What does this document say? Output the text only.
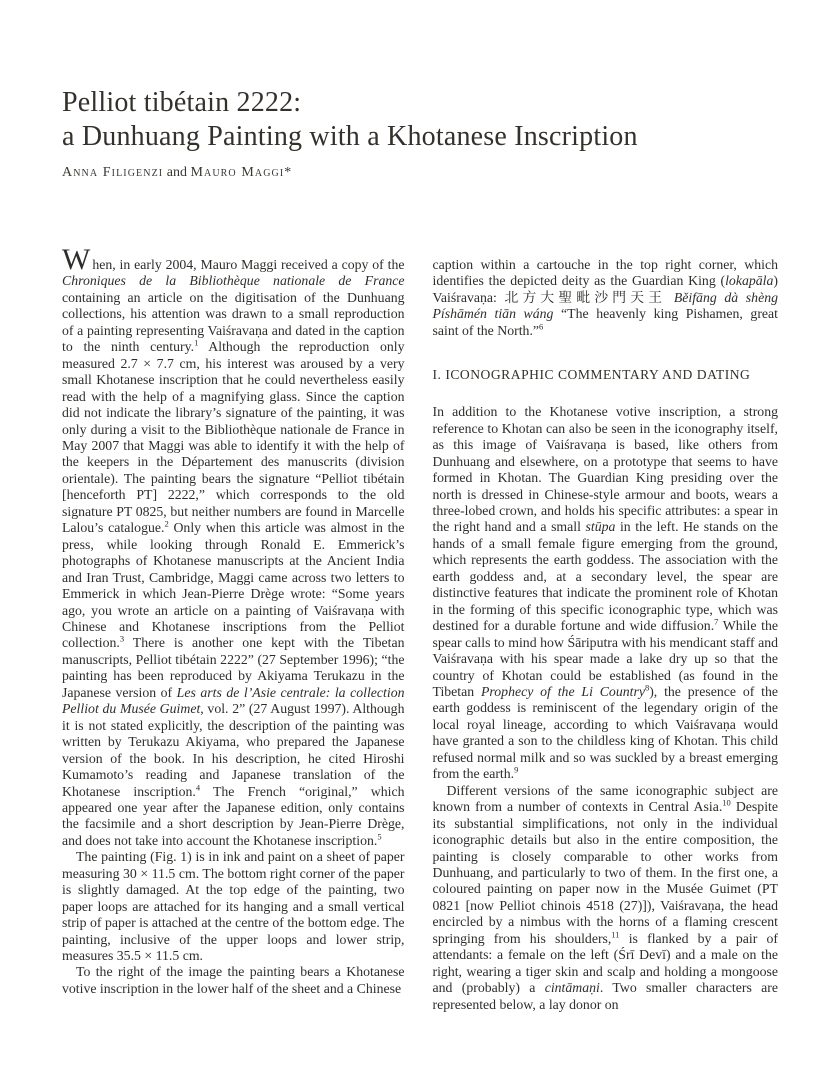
Pelliot tibétain 2222:
a Dunhuang Painting with a Khotanese Inscription
Anna Filigenzi and Mauro Maggi*

When, in early 2004, Mauro Maggi received a copy of the Chroniques de la Bibliothèque nationale de France containing an article on the digitisation of the Dunhuang collections, his attention was drawn to a small reproduction of a painting representing Vaiśravaṇa and dated in the caption to the ninth century.$^1$ Although the reproduction only measured 2.7 × 7.7 cm, his interest was aroused by a very small Khotanese inscription that he could nevertheless easily read with the help of a magnifying glass. Since the caption did not indicate the library’s signature of the painting, it was only during a visit to the Bibliothèque nationale de France in May 2007 that Maggi was able to identify it with the help of the keepers in the Département des manuscrits (division orientale). The painting bears the signature “Pelliot tibétain [henceforth PT] 2222,” which corresponds to the old signature PT 0825, but neither numbers are found in Marcelle Lalou’s catalogue.$^2$ Only when this article was almost in the press, while looking through Ronald E. Emmerick’s photographs of Khotanese manuscripts at the Ancient India and Iran Trust, Cambridge, Maggi came across two letters to Emmerick in which Jean-Pierre Drège wrote: “Some years ago, you wrote an article on a painting of Vaiśravaṇa with Chinese and Khotanese inscriptions from the Pelliot collection.$^3$ There is another one kept with the Tibetan manuscripts, Pelliot tibétain 2222” (27 September 1996); “the painting has been reproduced by Akiyama Terukazu in the Japanese version of Les arts de l’Asie centrale: la collection Pelliot du Musée Guimet, vol. 2” (27 August 1997). Although it is not stated explicitly, the description of the painting was written by Terukazu Akiyama, who prepared the Japanese version of the book. In his description, he cited Hiroshi Kumamoto’s reading and Japanese translation of the Khotanese inscription.$^4$ The French “original,” which appeared one year after the Japanese edition, only contains the facsimile and a short description by Jean-Pierre Drège, and does not take into account the Khotanese inscription.$^5$

The painting (Fig. 1) is in ink and paint on a sheet of paper measuring 30 × 11.5 cm. The bottom right corner of the paper is slightly damaged. At the top edge of the painting, two paper loops are attached for its hanging and a small vertical strip of paper is attached at the centre of the bottom edge. The painting, inclusive of the upper loops and lower strip, measures 35.5 × 11.5 cm.

To the right of the image the painting bears a Khotanese votive inscription in the lower half of the sheet and a Chinese

caption within a cartouche in the top right corner, which identifies the depicted deity as the Guardian King (lokapāla) Vaiśravaṇa: 北方大聖毗沙門天王 Běifāng dà shèng Píshāmén tiān wáng “The heavenly king Pishamen, great saint of the North.”$^6$

I. ICONOGRAPHIC COMMENTARY AND DATING

In addition to the Khotanese votive inscription, a strong reference to Khotan can also be seen in the iconography itself, as this image of Vaiśravaṇa is based, like others from Dunhuang and elsewhere, on a prototype that seems to have formed in Khotan. The Guardian King presiding over the north is dressed in Chinese-style armour and boots, wears a three-lobed crown, and holds his specific attributes: a spear in the right hand and a small stūpa in the left. He stands on the hands of a small female figure emerging from the ground, which represents the earth goddess. The association with the earth goddess and, at a secondary level, the spear are distinctive features that indicate the prominent role of Khotan in the forming of this specific iconographic type, which was destined for a durable fortune and wide diffusion.$^7$ While the spear calls to mind how Śāriputra with his mendicant staff and Vaiśravaṇa with his spear made a lake dry up so that the country of Khotan could be established (as found in the Tibetan Prophecy of the Li Country$^8$), the presence of the earth goddess is reminiscent of the legendary origin of the local royal lineage, according to which Vaiśravaṇa would have granted a son to the childless king of Khotan. This child refused normal milk and so was suckled by a breast emerging from the earth.$^9$

Different versions of the same iconographic subject are known from a number of contexts in Central Asia.$^{10}$ Despite its substantial simplifications, not only in the individual iconographic details but also in the entire composition, the painting is closely comparable to other works from Dunhuang, and particularly to two of them. In the first one, a coloured painting on paper now in the Musée Guimet (PT 0821 [now Pelliot chinois 4518 (27)]), Vaiśravaṇa, the head encircled by a nimbus with the horns of a flaming crescent springing from his shoulders,$^{11}$ is flanked by a pair of attendants: a female on the left (Śrī Devī) and a male on the right, wearing a tiger skin and scalp and holding a mongoose and (probably) a cintāmaṇi. Two smaller characters are represented below, a lay donor on
